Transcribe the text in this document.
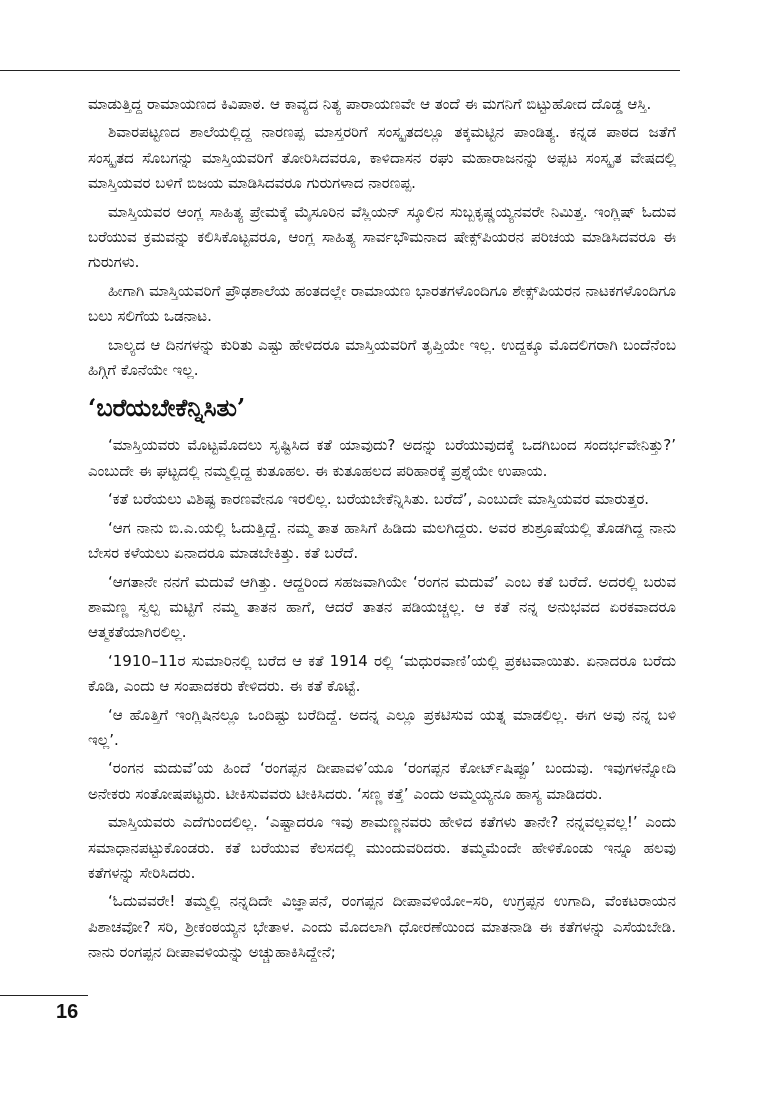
ಮಾಡುತ್ತಿದ್ದ ರಾಮಾಯಣದ ಕಿವಿಪಾಠ. ಆ ಕಾವ್ಯದ ನಿತ್ಯ ಪಾರಾಯಣವೇ ಆ ತಂದೆ ಈ ಮಗನಿಗೆ ಬಿಟ್ಟುಹೋದ ದೊಡ್ಡ ಆಸ್ತಿ.

ಶಿವಾರಪಟ್ಟಣದ ಶಾಲೆಯಲ್ಲಿದ್ದ ನಾರಣಪ್ಪ ಮಾಸ್ತರರಿಗೆ ಸಂಸ್ಕೃತದಲ್ಲೂ ತಕ್ಕಮಟ್ಟಿನ ಪಾಂಡಿತ್ಯ. ಕನ್ನಡ ಪಾಠದ ಜತೆಗೆ ಸಂಸ್ಕೃತದ ಸೊಬಗನ್ನು ಮಾಸ್ತಿಯವರಿಗೆ ತೋರಿಸಿದವರೂ, ಕಾಳಿದಾಸನ ರಘು ಮಹಾರಾಜನನ್ನು ಅಪ್ಪಟ ಸಂಸ್ಕೃತ ವೇಷದಲ್ಲಿ ಮಾಸ್ತಿಯವರ ಬಳಿಗೆ ಬಿಜಯ ಮಾಡಿಸಿದವರೂ ಗುರುಗಳಾದ ನಾರಣಪ್ಪ.

ಮಾಸ್ತಿಯವರ ಆಂಗ್ಲ ಸಾಹಿತ್ಯ ಪ್ರೇಮಕ್ಕೆ ಮೈಸೂರಿನ ವೆಸ್ಲಿಯನ್ ಸ್ಕೂಲಿನ ಸುಬ್ಬಕೃಷ್ಣಯ್ಯನವರೇ ನಿಮಿತ್ತ. ಇಂಗ್ಲಿಷ್ ಓದುವ ಬರೆಯುವ ಕ್ರಮವನ್ನು ಕಲಿಸಿಕೊಟ್ಟವರೂ, ಆಂಗ್ಲ ಸಾಹಿತ್ಯ ಸಾರ್ವಭೌಮನಾದ ಷೇಕ್ಸ್‌ಪಿಯರನ ಪರಿಚಯ ಮಾಡಿಸಿದವರೂ ಈ ಗುರುಗಳು.

ಹೀಗಾಗಿ ಮಾಸ್ತಿಯವರಿಗೆ ಪ್ರೌಢಶಾಲೆಯ ಹಂತದಲ್ಲೇ ರಾಮಾಯಣ ಭಾರತಗಳೊಂದಿಗೂ ಶೇಕ್ಸ್‌ಪಿಯರನ ನಾಟಕಗಳೊಂದಿಗೂ ಬಲು ಸಲಿಗೆಯ ಒಡನಾಟ.

ಬಾಲ್ಯದ ಆ ದಿನಗಳನ್ನು ಕುರಿತು ಎಷ್ಟು ಹೇಳಿದರೂ ಮಾಸ್ತಿಯವರಿಗೆ ತೃಪ್ತಿಯೇ ಇಲ್ಲ. ಉದ್ದಕ್ಕೂ ಮೊದಲಿಗರಾಗಿ ಬಂದೆನೆಂಬ ಹಿಗ್ಗಿಗೆ ಕೊನೆಯೇ ಇಲ್ಲ.

‘ಬರೆಯಬೇಕೆನ್ನಿಸಿತು’

‘ಮಾಸ್ತಿಯವರು ಮೊಟ್ಟಮೊದಲು ಸೃಷ್ಟಿಸಿದ ಕತೆ ಯಾವುದು? ಅದನ್ನು ಬರೆಯುವುದಕ್ಕೆ ಒದಗಿಬಂದ ಸಂದರ್ಭವೇನಿತ್ತು?’ ಎಂಬುದೇ ಈ ಘಟ್ಟದಲ್ಲಿ ನಮ್ಮಲ್ಲಿದ್ದ ಕುತೂಹಲ. ಈ ಕುತೂಹಲದ ಪರಿಹಾರಕ್ಕೆ ಪ್ರಶ್ನೆಯೇ ಉಪಾಯ.

‘ಕತೆ ಬರೆಯಲು ವಿಶಿಷ್ಟ ಕಾರಣವೇನೂ ಇರಲಿಲ್ಲ. ಬರೆಯಬೇಕೆನ್ನಿಸಿತು. ಬರೆದೆ’, ಎಂಬುದೇ ಮಾಸ್ತಿಯವರ ಮಾರುತ್ತರ.

‘ಆಗ ನಾನು ಬಿ.ಎ.ಯಲ್ಲಿ ಓದುತ್ತಿದ್ದೆ. ನಮ್ಮ ತಾತ ಹಾಸಿಗೆ ಹಿಡಿದು ಮಲಗಿದ್ದರು. ಅವರ ಶುಶ್ರೂಷೆಯಲ್ಲಿ ತೊಡಗಿದ್ದ ನಾನು ಬೇಸರ ಕಳೆಯಲು ಏನಾದರೂ ಮಾಡಬೇಕಿತ್ತು. ಕತೆ ಬರೆದೆ.

‘ಆಗತಾನೇ ನನಗೆ ಮದುವೆ ಆಗಿತ್ತು. ಆದ್ದರಿಂದ ಸಹಜವಾಗಿಯೇ ‘ರಂಗನ ಮದುವೆ’ ಎಂಬ ಕತೆ ಬರೆದೆ. ಅದರಲ್ಲಿ ಬರುವ ಶಾಮಣ್ಣ ಸ್ವಲ್ಪ ಮಟ್ಟಿಗೆ ನಮ್ಮ ತಾತನ ಹಾಗೆ, ಆದರೆ ತಾತನ ಪಡಿಯಚ್ಚಲ್ಲ. ಆ ಕತೆ ನನ್ನ ಅನುಭವದ ಏರಕವಾದರೂ ಆತ್ಮಕತೆಯಾಗಿರಲಿಲ್ಲ.

‘1910–11ರ ಸುಮಾರಿನಲ್ಲಿ ಬರೆದ ಆ ಕತೆ 1914 ರಲ್ಲಿ ‘ಮಧುರವಾಣಿ’ಯಲ್ಲಿ ಪ್ರಕಟವಾಯಿತು. ಏನಾದರೂ ಬರೆದು ಕೊಡಿ, ಎಂದು ಆ ಸಂಪಾದಕರು ಕೇಳಿದರು. ಈ ಕತೆ ಕೊಟ್ಟೆ.

‘ಆ ಹೊತ್ತಿಗೆ ಇಂಗ್ಲಿಷಿನಲ್ಲೂ ಒಂದಿಷ್ಟು ಬರೆದಿದ್ದೆ. ಅದನ್ನ ಎಲ್ಲೂ ಪ್ರಕಟಿಸುವ ಯತ್ನ ಮಾಡಲಿಲ್ಲ. ಈಗ ಅವು ನನ್ನ ಬಳಿ ಇಲ್ಲ’.

‘ರಂಗನ ಮದುವೆ’ಯ ಹಿಂದೆ ‘ರಂಗಪ್ಪನ ದೀಪಾವಳಿ’ಯೂ ‘ರಂಗಪ್ಪನ ಕೋರ್ಟ್‌ಷಿಪ್ಪೂ’ ಬಂದುವು. ಇವುಗಳನ್ನೋದಿ ಅನೇಕರು ಸಂತೋಷಪಟ್ಟರು. ಟೀಕಿಸುವವರು ಟೀಕಿಸಿದರು. ‘ಸಣ್ಣ ಕತ್ತೆ’ ಎಂದು ಅಮ್ಮಯ್ಯನೂ ಹಾಸ್ಯ ಮಾಡಿದರು.

ಮಾಸ್ತಿಯವರು ಎದೆಗುಂದಲಿಲ್ಲ. ‘ಎಷ್ಟಾದರೂ ಇವು ಶಾಮಣ್ಣನವರು ಹೇಳಿದ ಕತೆಗಳು ತಾನೇ? ನನ್ನವಲ್ಲವಲ್ಲ!’ ಎಂದು ಸಮಾಧಾನಪಟ್ಟುಕೊಂಡರು. ಕತೆ ಬರೆಯುವ ಕೆಲಸದಲ್ಲಿ ಮುಂದುವರಿದರು. ತಮ್ಮಮೆಂದೇ ಹೇಳಿಕೊಂಡು ಇನ್ನೂ ಹಲವು ಕತೆಗಳನ್ನು ಸೇರಿಸಿದರು.

‘ಓದುವವರೇ! ತಮ್ಮಲ್ಲಿ ನನ್ನದಿದೇ ವಿಜ್ಞಾಪನೆ, ರಂಗಪ್ಪನ ದೀಪಾವಳಿಯೋ–ಸರಿ, ಉಗ್ರಪ್ಪನ ಉಗಾದಿ, ವೆಂಕಟರಾಯನ ಪಿಶಾಚವೋ? ಸರಿ, ಶ್ರೀಕಂಠಯ್ಯನ ಭೇತಾಳ. ಎಂದು ಮೊದಲಾಗಿ ಧೋರಣೆಯಿಂದ ಮಾತನಾಡಿ ಈ ಕತೆಗಳನ್ನು ಎಸೆಯಬೇಡಿ. ನಾನು ರಂಗಪ್ಪನ ದೀಪಾವಳಿಯನ್ನು ಅಚ್ಚುಹಾಕಿಸಿದ್ದೇನೆ;

16
